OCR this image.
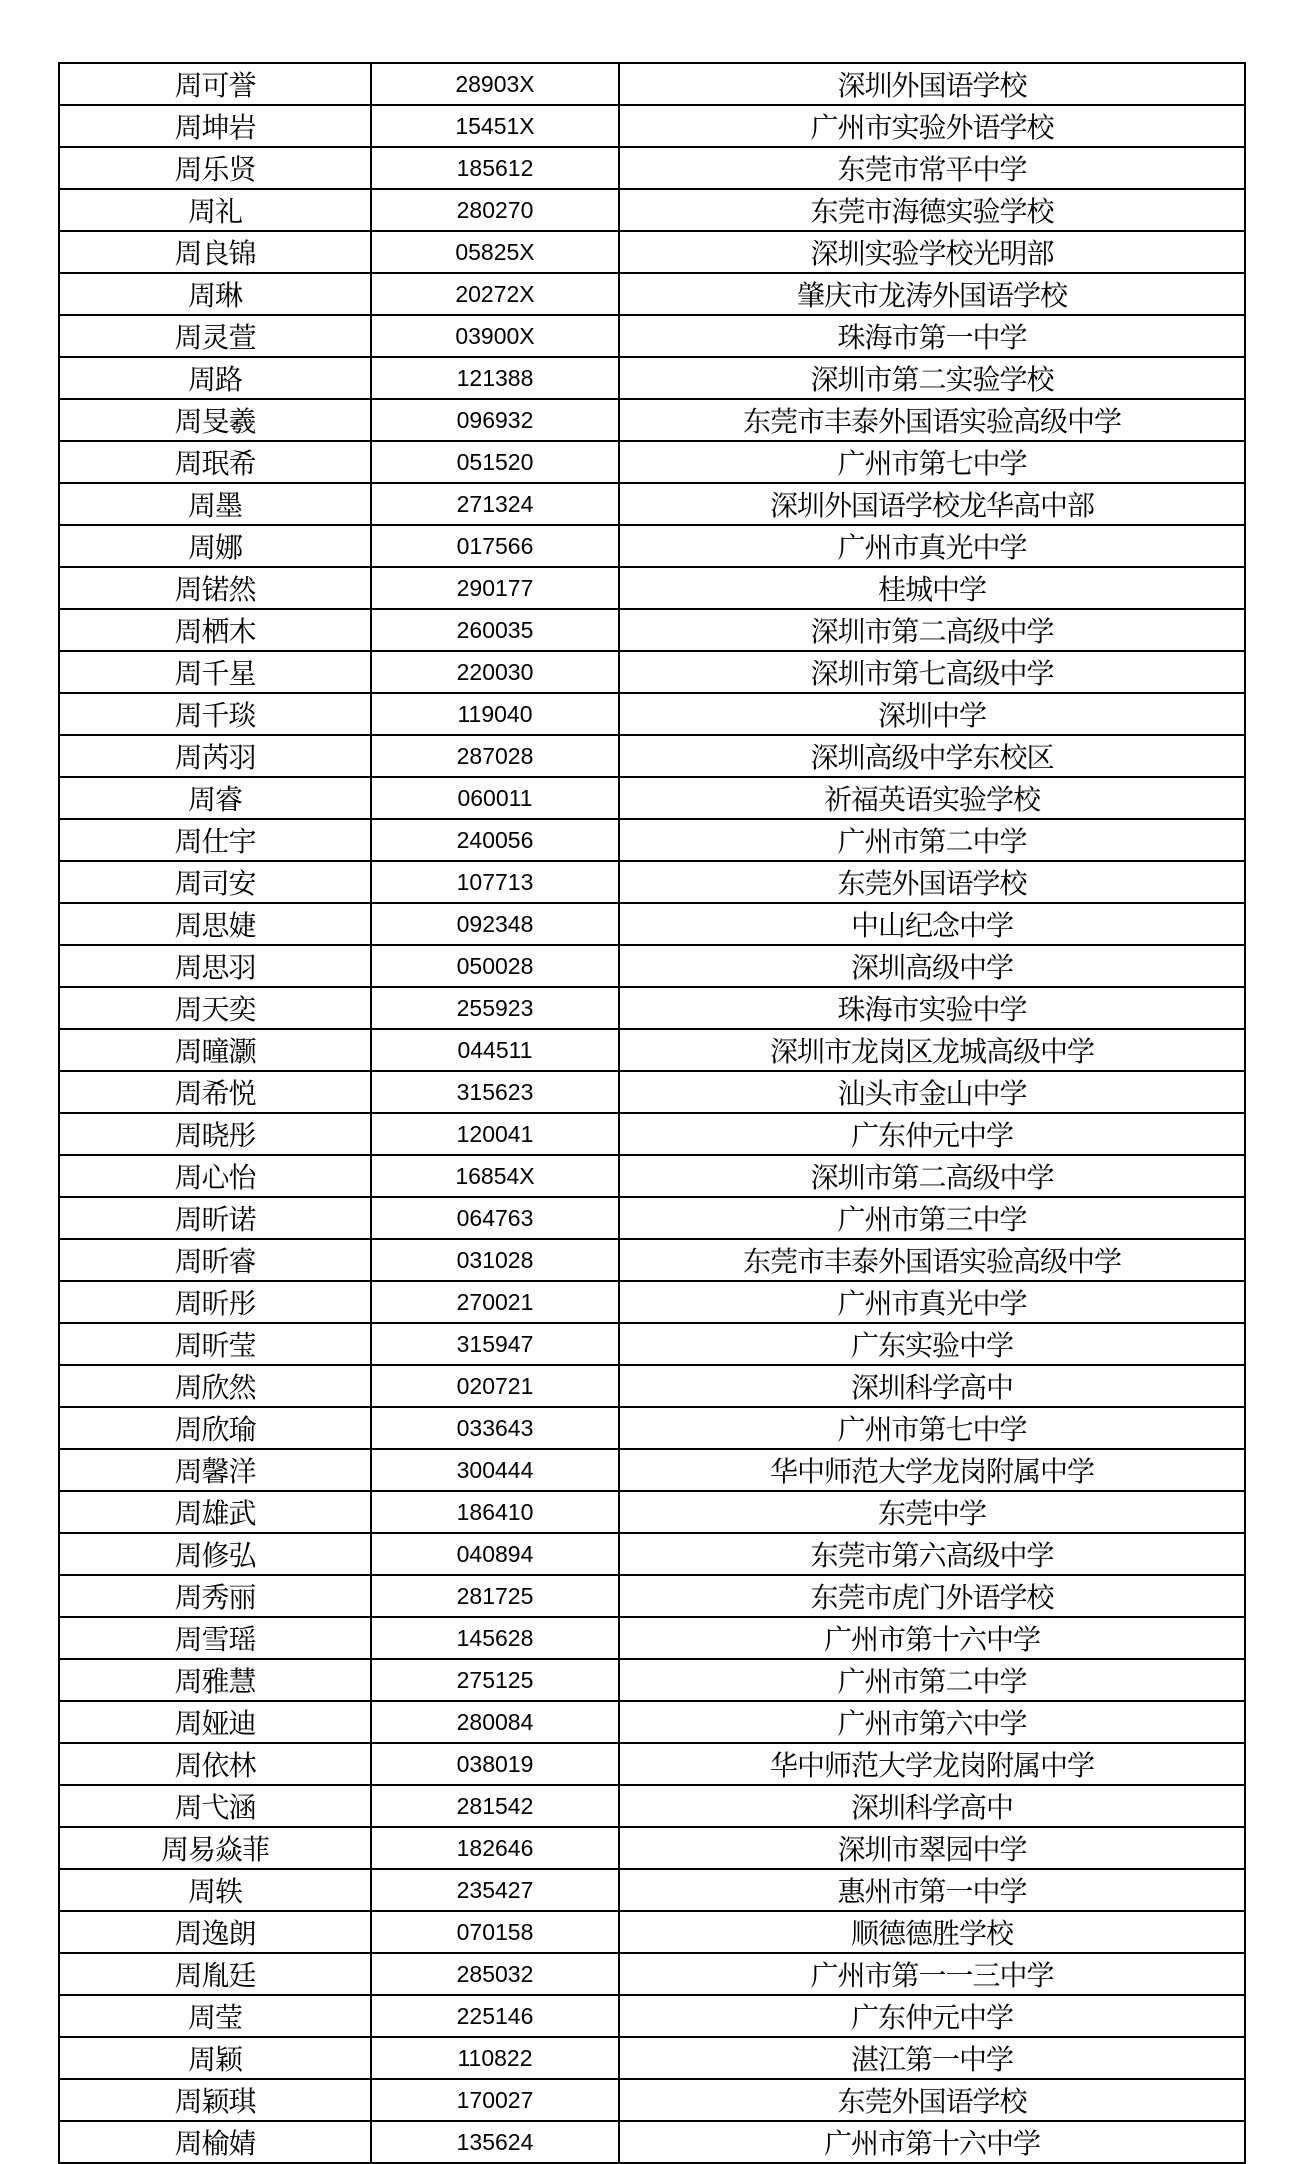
周可誉	28903X	深圳外国语学校
周坤岩	15451X	广州市实验外语学校
周乐贤	185612	东莞市常平中学
周礼	280270	东莞市海德实验学校
周良锦	05825X	深圳实验学校光明部
周琳	20272X	肇庆市龙涛外国语学校
周灵萱	03900X	珠海市第一中学
周路	121388	深圳市第二实验学校
周旻羲	096932	东莞市丰泰外国语实验高级中学
周珉希	051520	广州市第七中学
周墨	271324	深圳外国语学校龙华高中部
周娜	017566	广州市真光中学
周锘然	290177	桂城中学
周栖木	260035	深圳市第二高级中学
周千星	220030	深圳市第七高级中学
周千琰	119040	深圳中学
周芮羽	287028	深圳高级中学东校区
周睿	060011	祈福英语实验学校
周仕宇	240056	广州市第二中学
周司安	107713	东莞外国语学校
周思婕	092348	中山纪念中学
周思羽	050028	深圳高级中学
周天奕	255923	珠海市实验中学
周曈灏	044511	深圳市龙岗区龙城高级中学
周希悦	315623	汕头市金山中学
周晓彤	120041	广东仲元中学
周心怡	16854X	深圳市第二高级中学
周昕诺	064763	广州市第三中学
周昕睿	031028	东莞市丰泰外国语实验高级中学
周昕彤	270021	广州市真光中学
周昕莹	315947	广东实验中学
周欣然	020721	深圳科学高中
周欣瑜	033643	广州市第七中学
周馨洋	300444	华中师范大学龙岗附属中学
周雄武	186410	东莞中学
周修弘	040894	东莞市第六高级中学
周秀丽	281725	东莞市虎门外语学校
周雪瑶	145628	广州市第十六中学
周雅慧	275125	广州市第二中学
周娅迪	280084	广州市第六中学
周依林	038019	华中师范大学龙岗附属中学
周弋涵	281542	深圳科学高中
周易焱菲	182646	深圳市翠园中学
周轶	235427	惠州市第一中学
周逸朗	070158	顺德德胜学校
周胤廷	285032	广州市第一一三中学
周莹	225146	广东仲元中学
周颖	110822	湛江第一中学
周颖琪	170027	东莞外国语学校
周榆婧	135624	广州市第十六中学
